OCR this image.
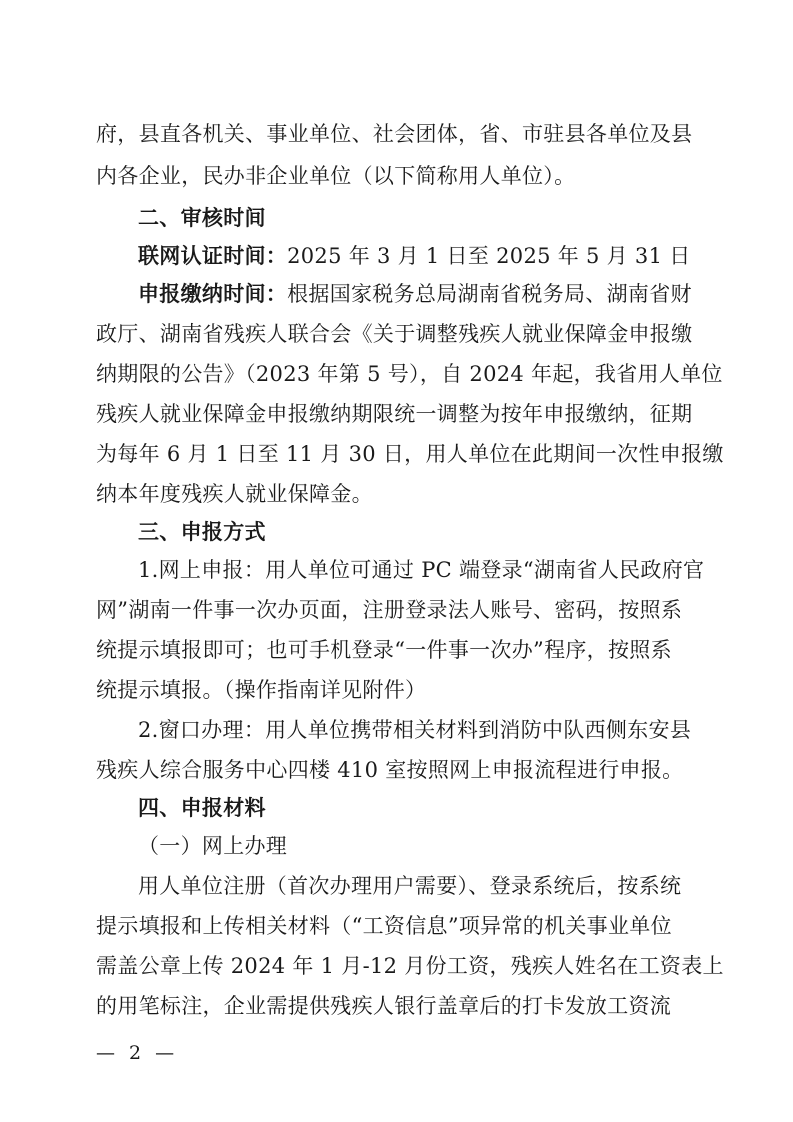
府，县直各机关、事业单位、社会团体，省、市驻县各单位及县
内各企业，民办非企业单位（以下简称用人单位）。
二、审核时间
联网认证时间：2025 年 3 月 1 日至 2025 年 5 月 31 日
申报缴纳时间：根据国家税务总局湖南省税务局、湖南省财
政厅、湖南省残疾人联合会《关于调整残疾人就业保障金申报缴
纳期限的公告》（2023 年第 5 号），自 2024 年起，我省用人单位
残疾人就业保障金申报缴纳期限统一调整为按年申报缴纳，征期
为每年 6 月 1 日至 11 月 30 日，用人单位在此期间一次性申报缴
纳本年度残疾人就业保障金。
三、申报方式
1.网上申报：用人单位可通过 PC 端登录“湖南省人民政府官
网”湖南一件事一次办页面，注册登录法人账号、密码，按照系
统提示填报即可；也可手机登录“一件事一次办”程序，按照系
统提示填报。（操作指南详见附件）
2.窗口办理：用人单位携带相关材料到消防中队西侧东安县
残疾人综合服务中心四楼 410 室按照网上申报流程进行申报。
四、申报材料
（一）网上办理
用人单位注册（首次办理用户需要）、登录系统后，按系统
提示填报和上传相关材料（“工资信息”项异常的机关事业单位
需盖公章上传 2024 年 1 月-12 月份工资，残疾人姓名在工资表上
的用笔标注，企业需提供残疾人银行盖章后的打卡发放工资流
— 2 —
